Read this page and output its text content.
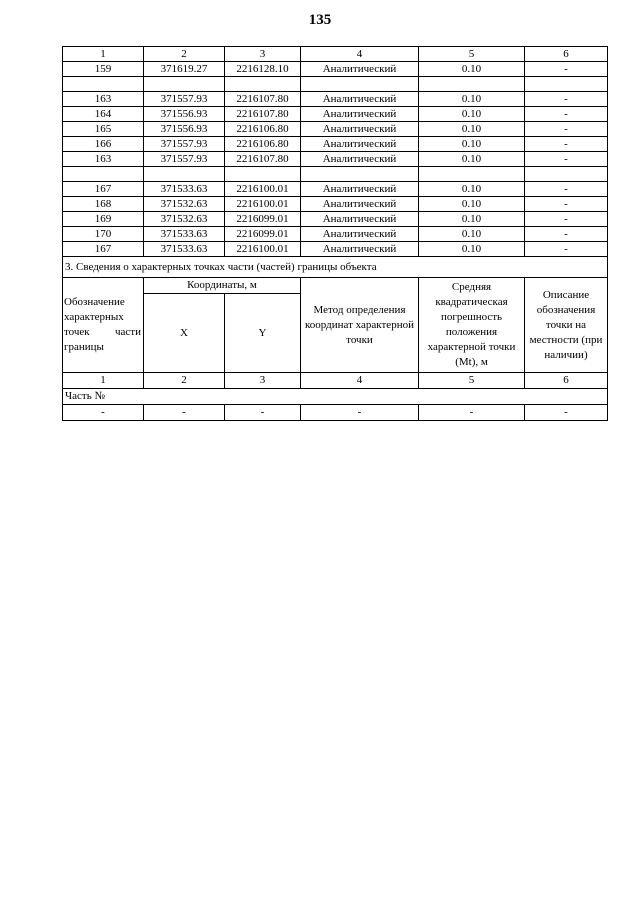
135
1	2	3	4	5	6
159	371619.27	2216128.10	Аналитический	0.10	-

163	371557.93	2216107.80	Аналитический	0.10	-
164	371556.93	2216107.80	Аналитический	0.10	-
165	371556.93	2216106.80	Аналитический	0.10	-
166	371557.93	2216106.80	Аналитический	0.10	-
163	371557.93	2216107.80	Аналитический	0.10	-

167	371533.63	2216100.01	Аналитический	0.10	-
168	371532.63	2216100.01	Аналитический	0.10	-
169	371532.63	2216099.01	Аналитический	0.10	-
170	371533.63	2216099.01	Аналитический	0.10	-
167	371533.63	2216100.01	Аналитический	0.10	-
3. Сведения о характерных точках части (частей) границы объекта					
Обозначение характерных точек части границы	Координаты, м		Метод определения координат характерной точки	Средняя квадратическая погрешность положения характерной точки (Mt), м	Описание обозначения точки на местности (при наличии)
	X	Y			
1	2	3	4	5	6
Часть №					
-	-	-	-	-	-
